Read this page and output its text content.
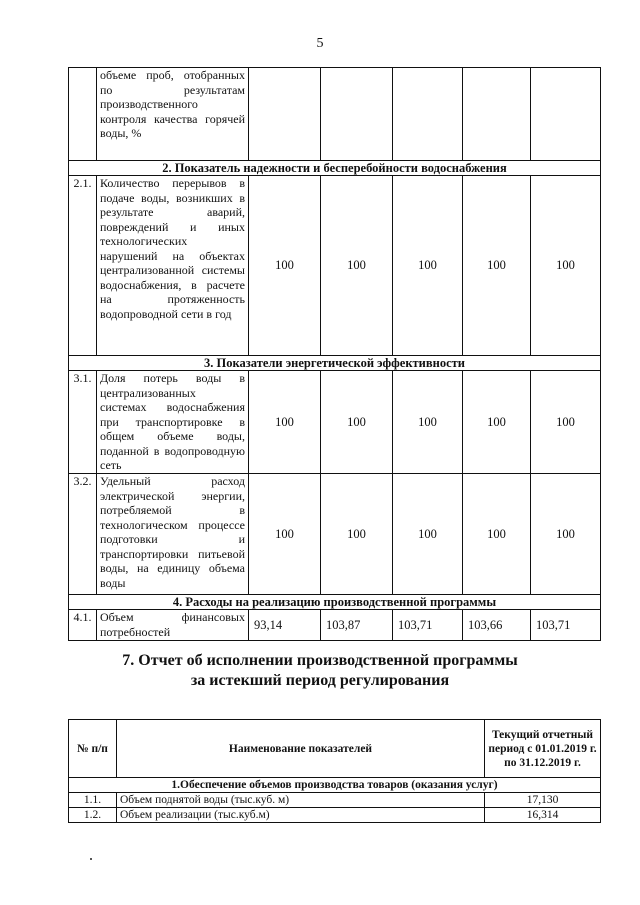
5
	объеме проб, отобранных по результатам производственного контроля качества горячей воды, %					
2. Показатель надежности и бесперебойности водоснабжения						
2.1.	Количество перерывов в подаче воды, возникших в результате аварий, повреждений и иных технологических нарушений на объектах централизованной системы водоснабжения, в расчете на протяженность водопроводной сети в год	100	100	100	100	100
3. Показатели энергетической эффективности						
3.1.	Доля потерь воды в централизованных системах водоснабжения при транспортировке в общем объеме воды, поданной в водопроводную сеть	100	100	100	100	100
3.2.	Удельный расход электрической энергии, потребляемой в технологическом процессе подготовки и транспортировки питьевой воды, на единицу объема воды	100	100	100	100	100
4. Расходы на реализацию производственной программы						
4.1.	Объем финансовых потребностей	93,14	103,87	103,71	103,66	103,71
7. Отчет об исполнении производственной программы
за истекший период регулирования
№ п/п	Наименование показателей	Текущий отчетный период с 01.01.2019 г. по 31.12.2019 г.
1.Обеспечение объемов производства товаров (оказания услуг)		
1.1.	Объем поднятой воды (тыс.куб. м)	17,130
1.2.	Объем реализации (тыс.куб.м)	16,314
